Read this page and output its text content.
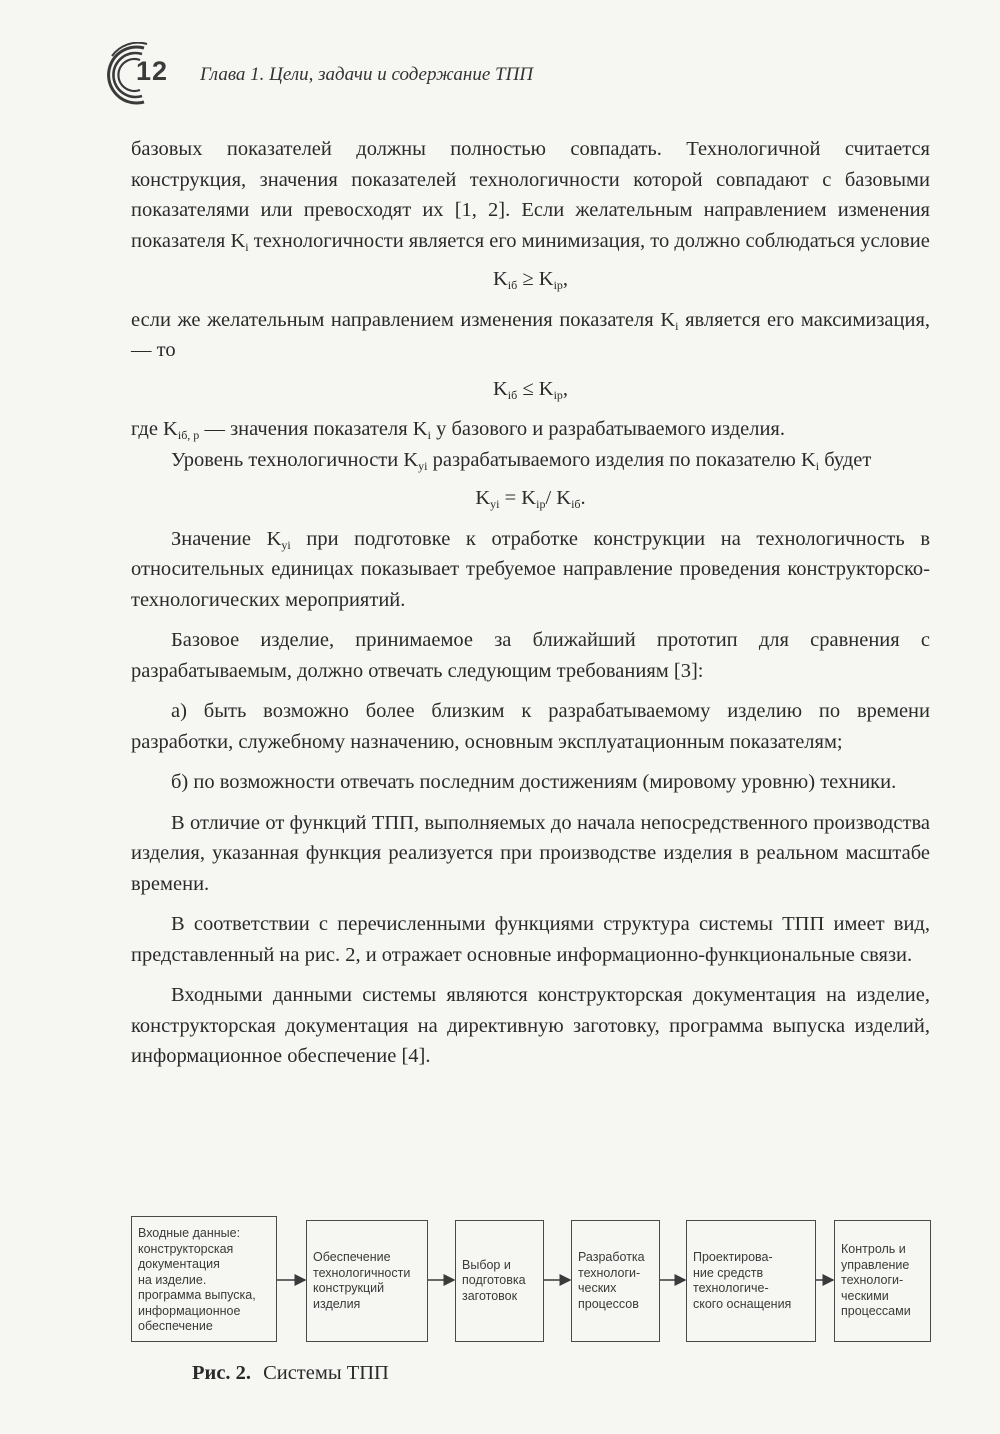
12 Глава 1. Цели, задачи и содержание ТПП

базовых показателей должны полностью совпадать. Технологичной считается конструкция, значения показателей технологичности которой совпадают с базовыми показателями или превосходят их [1, 2]. Если желательным направлением изменения показателя $K_i$ технологичности является его минимизация, то должно соблюдаться условие

$K_{iб} \ge K_{ip}$,

если же желательным направлением изменения показателя $K_i$ является его максимизация, — то

$K_{iб} \le K_{ip}$,

где $K_{iб, р}$ — значения показателя $K_i$ у базового и разрабатываемого изделия.

Уровень технологичности $K_{yi}$ разрабатываемого изделия по показателю $K_i$ будет

$K_{yi} = K_{ip}/$ $K_{iб}$.

Значение $K_{yi}$ при подготовке к отработке конструкции на технологичность в относительных единицах показывает требуемое направление проведения конструкторско-технологических мероприятий.

Базовое изделие, принимаемое за ближайший прототип для сравнения с разрабатываемым, должно отвечать следующим требованиям [3]:

а) быть возможно более близким к разрабатываемому изделию по времени разработки, служебному назначению, основным эксплуатационным показателям;

б) по возможности отвечать последним достижениям (мировому уровню) техники.

В отличие от функций ТПП, выполняемых до начала непосредственного производства изделия, указанная функция реализуется при производстве изделия в реальном масштабе времени.

В соответствии с перечисленными функциями структура системы ТПП имеет вид, представленный на рис. 2, и отражает основные информационно-функциональные связи.

Входными данными системы являются конструкторская документация на изделие, конструкторская документация на директивную заготовку, программа выпуска изделий, информационное обеспечение [4].

Входные данные:
конструкторская
документация
на изделие.
программа выпуска,
информационное
обеспечение
Обеспечение
технологичности
конструкций
изделия
Выбор и
подготовка
заготовок
Разработка
технологи-
ческих
процессов
Проектирова-
ние средств
технологиче-
ского оснащения
Контроль и
управление
технологи-
ческими
процессами
Рис. 2. Системы ТПП
